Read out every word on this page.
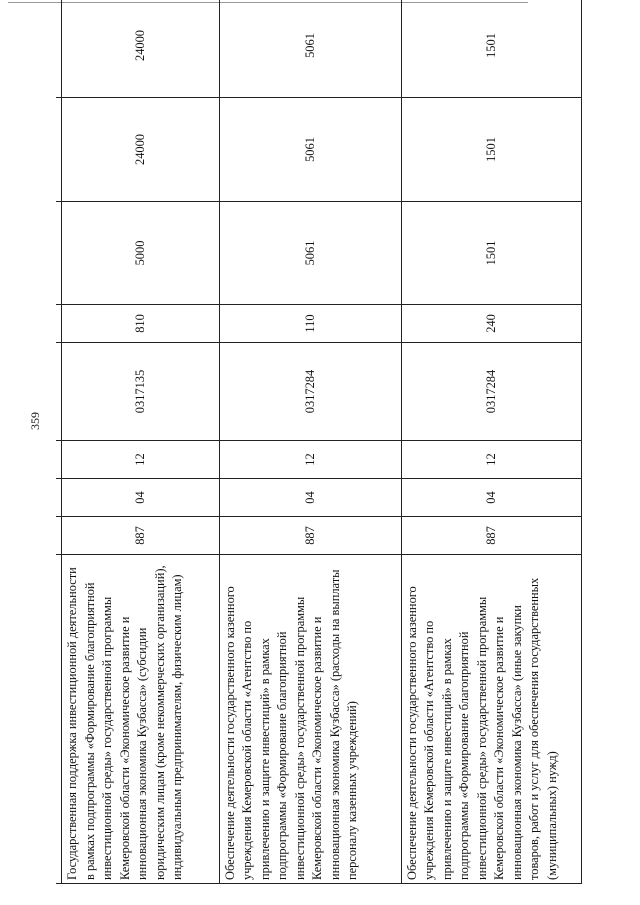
359

Государственная поддержка инвестиционной деятельности в рамках подпрограммы «Формирование благоприятной инвестиционной среды» государственной программы Кемеровской области «Экономическое развитие и инновационная экономика Кузбасса» (субсидии юридическим лицам (кроме некоммерческих организаций), индивидуальным предпринимателям, физическим лицам)	887	04	12	0317135	810	5000	24000	24000
Обеспечение деятельности государственного казенного учреждения Кемеровской области «Агентство по привлечению и защите инвестиций» в рамках подпрограммы «Формирование благоприятной инвестиционной среды» государственной программы Кемеровской области «Экономическое развитие и инновационная экономика Кузбасса» (расходы на выплаты персоналу казенных учреждений)	887	04	12	0317284	110	5061	5061	5061
Обеспечение деятельности государственного казенного учреждения Кемеровской области «Агентство по привлечению и защите инвестиций» в рамках подпрограммы «Формирование благоприятной инвестиционной среды» государственной программы Кемеровской области «Экономическое развитие и инновационная экономика Кузбасса» (иные закупки товаров, работ и услуг для обеспечения государственных (муниципальных) нужд)	887	04	12	0317284	240	1501	1501	1501
